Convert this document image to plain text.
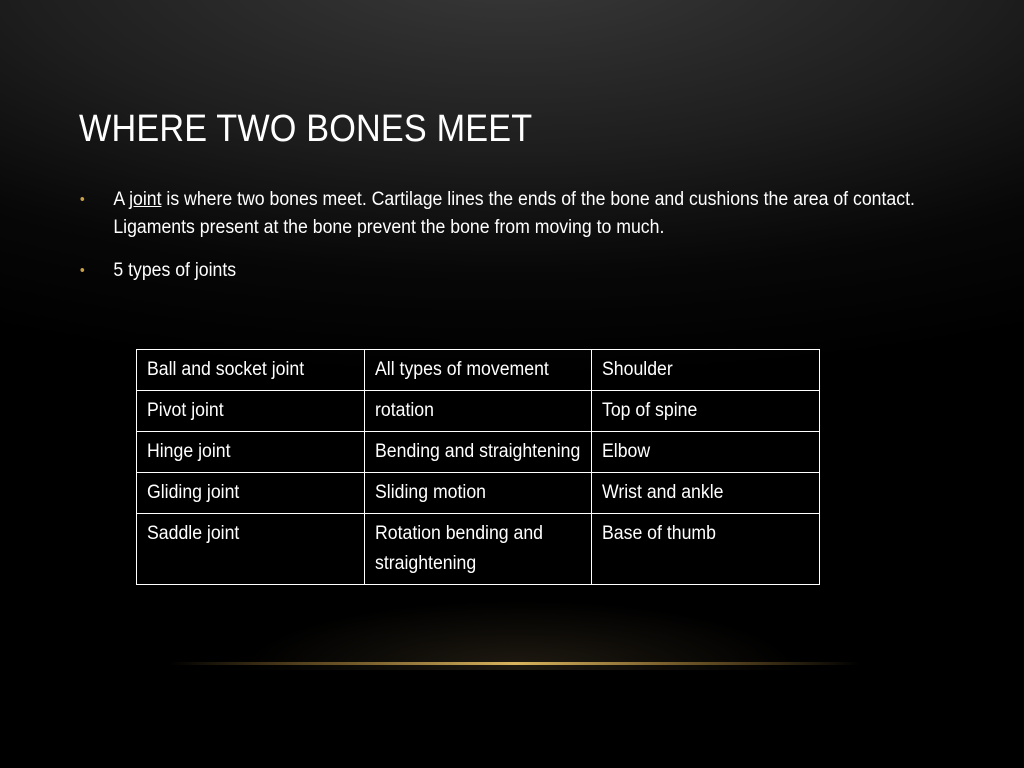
WHERE TWO BONES MEET
• A joint is where two bones meet. Cartilage lines the ends of the bone and cushions the area of contact. Ligaments present at the bone prevent the bone from moving to much.
• 5 types of joints
Ball and socket joint	All types of movement	Shoulder

Pivot joint	rotation	Top of spine

Hinge joint	Bending and straightening	Elbow

Gliding joint	Sliding motion	Wrist and ankle

Saddle joint	Rotation bending and straightening	Base of thumb
